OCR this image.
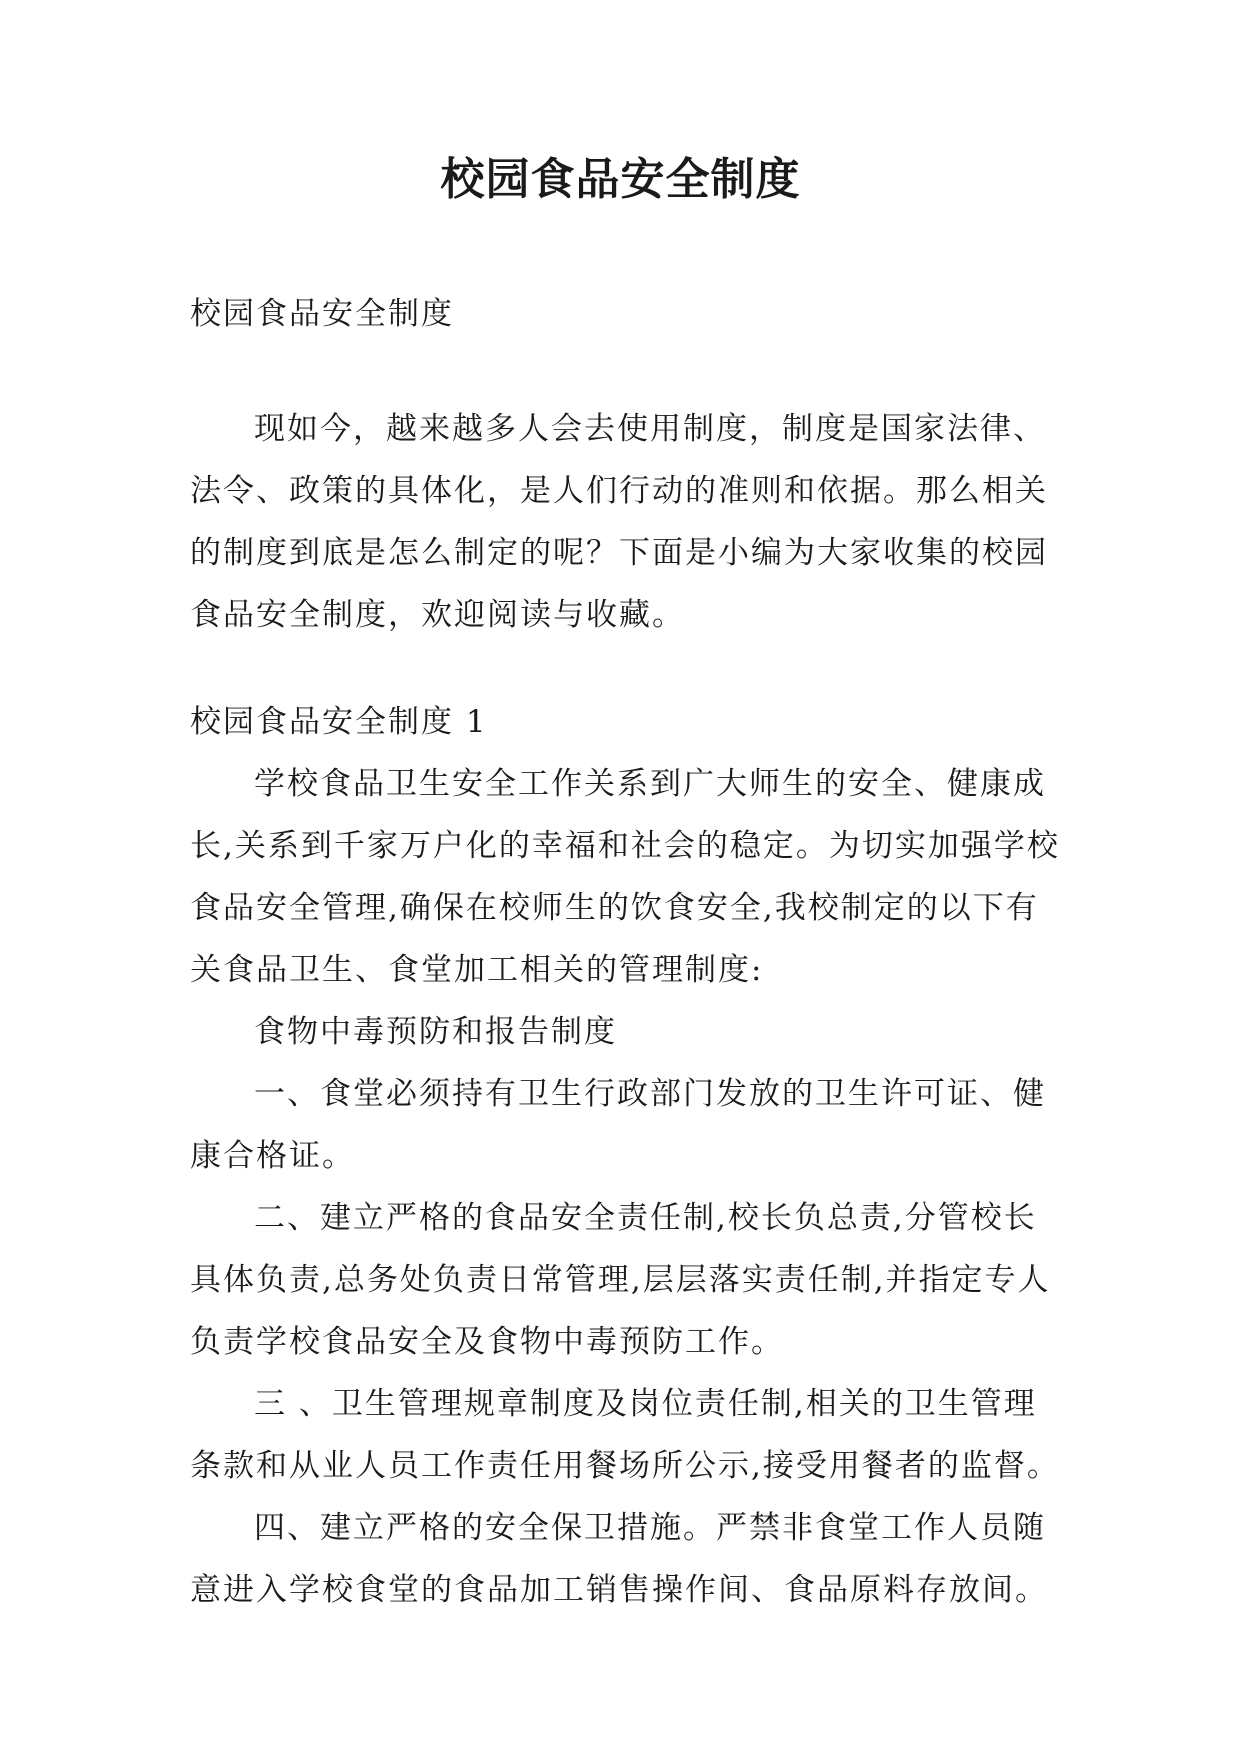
校园食品安全制度

校园食品安全制度

现如今，越来越多人会去使用制度，制度是国家法律、法令、政策的具体化，是人们行动的准则和依据。那么相关的制度到底是怎么制定的呢？下面是小编为大家收集的校园食品安全制度，欢迎阅读与收藏。

校园食品安全制度 1

学校食品卫生安全工作关系到广大师生的安全、健康成长,关系到千家万户化的幸福和社会的稳定。为切实加强学校食品安全管理,确保在校师生的饮食安全,我校制定的以下有关食品卫生、食堂加工相关的管理制度:

食物中毒预防和报告制度

一、食堂必须持有卫生行政部门发放的卫生许可证、健康合格证。

二、建立严格的食品安全责任制,校长负总责,分管校长具体负责,总务处负责日常管理,层层落实责任制,并指定专人负责学校食品安全及食物中毒预防工作。

三 、卫生管理规章制度及岗位责任制,相关的卫生管理条款和从业人员工作责任用餐场所公示,接受用餐者的监督。

四、建立严格的安全保卫措施。严禁非食堂工作人员随意进入学校食堂的食品加工销售操作间、食品原料存放间。
